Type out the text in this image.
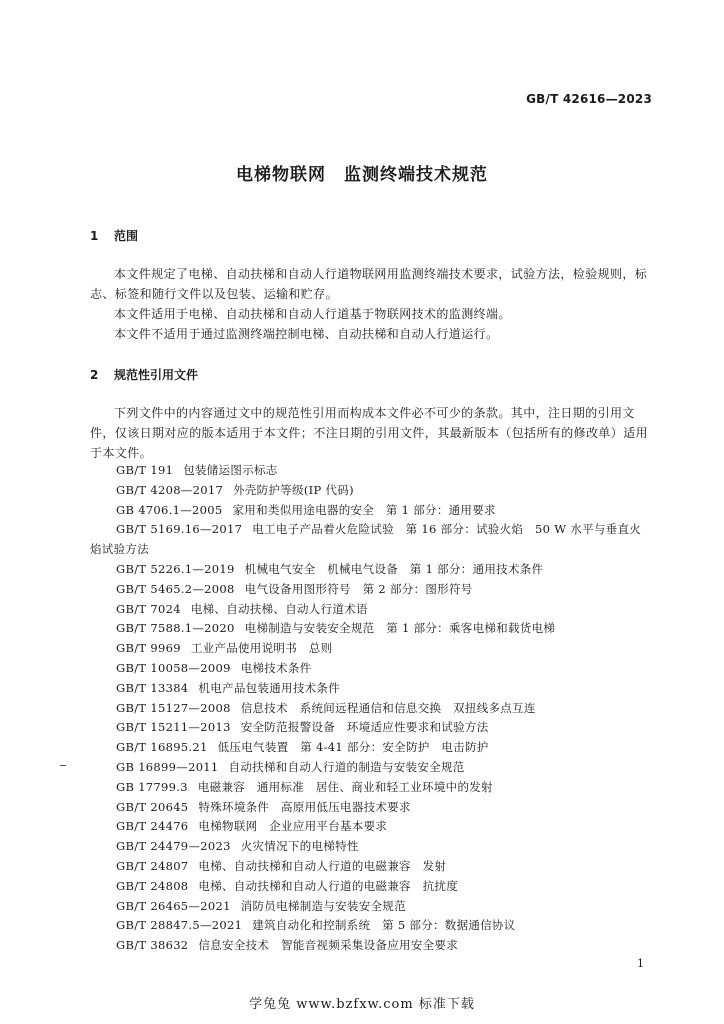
GB/T 42616—2023
电梯物联网　监测终端技术规范
1 范围

本文件规定了电梯、自动扶梯和自动人行道物联网用监测终端技术要求，试验方法，检验规则，标志、标签和随行文件以及包装、运输和贮存。

本文件适用于电梯、自动扶梯和自动人行道基于物联网技术的监测终端。

本文件不适用于通过监测终端控制电梯、自动扶梯和自动人行道运行。

2 规范性引用文件

下列文件中的内容通过文中的规范性引用而构成本文件必不可少的条款。其中，注日期的引用文件，仅该日期对应的版本适用于本文件；不注日期的引用文件，其最新版本（包括所有的修改单）适用于本文件。

GB/T 191 包装储运图示标志
GB/T 4208—2017 外壳防护等级(IP 代码)
GB 4706.1—2005 家用和类似用途电器的安全　第 1 部分：通用要求
GB/T 5169.16—2017 电工电子产品着火危险试验　第 16 部分：试验火焰　50 W 水平与垂直火
焰试验方法
GB/T 5226.1—2019 机械电气安全　机械电气设备　第 1 部分：通用技术条件
GB/T 5465.2—2008 电气设备用图形符号　第 2 部分：图形符号
GB/T 7024 电梯、自动扶梯、自动人行道术语
GB/T 7588.1—2020 电梯制造与安装安全规范　第 1 部分：乘客电梯和载货电梯
GB/T 9969 工业产品使用说明书　总则
GB/T 10058—2009 电梯技术条件
GB/T 13384 机电产品包装通用技术条件
GB/T 15127—2008 信息技术　系统间远程通信和信息交换　双扭线多点互连
GB/T 15211—2013 安全防范报警设备　环境适应性要求和试验方法
GB/T 16895.21 低压电气装置　第 4-41 部分：安全防护　电击防护
GB 16899—2011 自动扶梯和自动人行道的制造与安装安全规范
GB 17799.3 电磁兼容　通用标准　居住、商业和轻工业环境中的发射
GB/T 20645 特殊环境条件　高原用低压电器技术要求
GB/T 24476 电梯物联网　企业应用平台基本要求
GB/T 24479—2023 火灾情况下的电梯特性
GB/T 24807 电梯、自动扶梯和自动人行道的电磁兼容　发射
GB/T 24808 电梯、自动扶梯和自动人行道的电磁兼容　抗扰度
GB/T 26465—2021 消防员电梯制造与安装安全规范
GB/T 28847.5—2021 建筑自动化和控制系统　第 5 部分：数据通信协议
GB/T 38632 信息安全技术　智能音视频采集设备应用安全要求
1
学兔兔 www.bzfxw.com 标准下载
